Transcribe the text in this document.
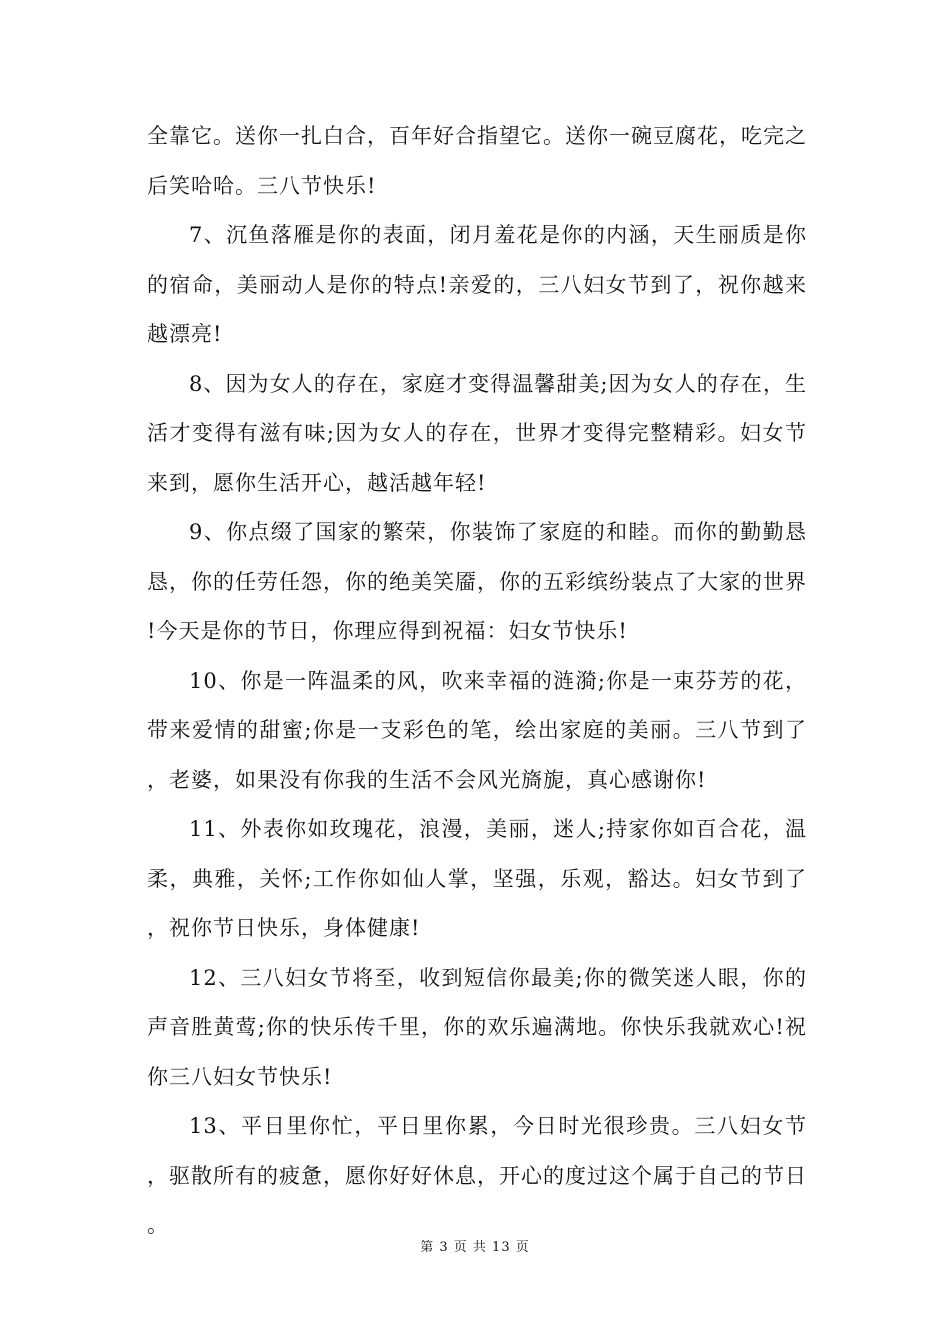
全靠它。送你一扎白合，百年好合指望它。送你一碗豆腐花，吃完之后笑哈哈。三八节快乐!

7、沉鱼落雁是你的表面，闭月羞花是你的内涵，天生丽质是你的宿命，美丽动人是你的特点!亲爱的，三八妇女节到了，祝你越来越漂亮!

8、因为女人的存在，家庭才变得温馨甜美;因为女人的存在，生活才变得有滋有味;因为女人的存在，世界才变得完整精彩。妇女节来到，愿你生活开心，越活越年轻!

9、你点缀了国家的繁荣，你装饰了家庭的和睦。而你的勤勤恳恳，你的任劳任怨，你的绝美笑靥，你的五彩缤纷装点了大家的世界!今天是你的节日，你理应得到祝福：妇女节快乐!

10、你是一阵温柔的风，吹来幸福的涟漪;你是一束芬芳的花，带来爱情的甜蜜;你是一支彩色的笔，绘出家庭的美丽。三八节到了，老婆，如果没有你我的生活不会风光旖旎，真心感谢你!

11、外表你如玫瑰花，浪漫，美丽，迷人;持家你如百合花，温柔，典雅，关怀;工作你如仙人掌，坚强，乐观，豁达。妇女节到了，祝你节日快乐，身体健康!

12、三八妇女节将至，收到短信你最美;你的微笑迷人眼，你的声音胜黄莺;你的快乐传千里，你的欢乐遍满地。你快乐我就欢心!祝你三八妇女节快乐!

13、平日里你忙，平日里你累，今日时光很珍贵。三八妇女节，驱散所有的疲惫，愿你好好休息，开心的度过这个属于自己的节日。

第 3 页 共 13 页
